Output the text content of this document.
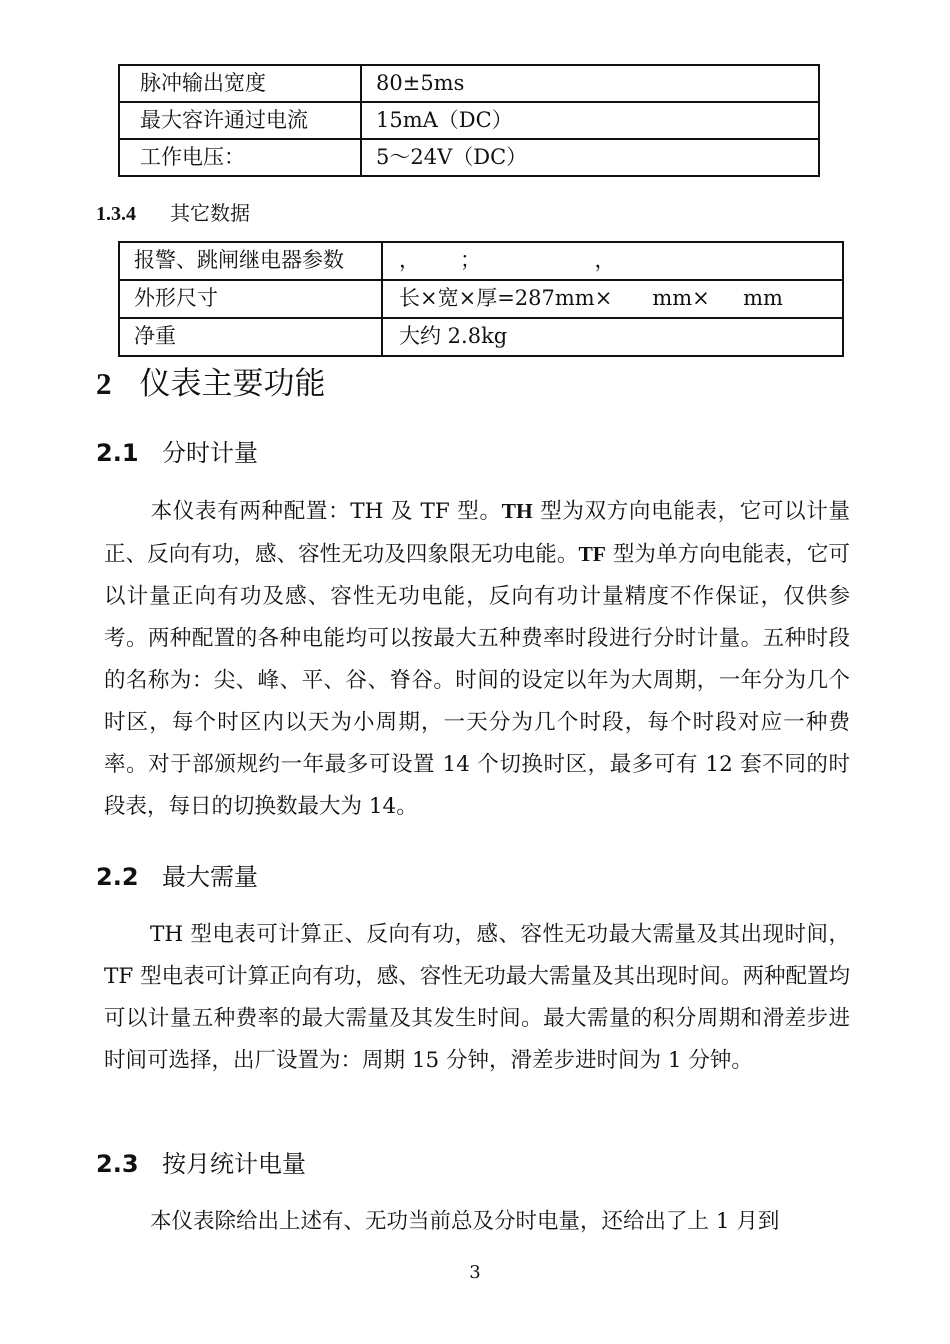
脉冲输出宽度	80±5ms
最大容许通过电流	15mA（DC）
工作电压：	5～24V（DC）
1.3.4 其它数据
报警、跳闸继电器参数	，      ；                 ，
外形尺寸	长×宽×厚=287mm×      mm×     mm
净重	大约 2.8kg
2 仪表主要功能
2.1 分时计量
本仪表有两种配置：TH 及 TF 型。TH 型为双方向电能表，它可以计量正、反向有功，感、容性无功及四象限无功电能。TF 型为单方向电能表，它可以计量正向有功及感、容性无功电能，反向有功计量精度不作保证，仅供参考。两种配置的各种电能均可以按最大五种费率时段进行分时计量。五种时段的名称为：尖、峰、平、谷、脊谷。时间的设定以年为大周期，一年分为几个时区，每个时区内以天为小周期，一天分为几个时段，每个时段对应一种费率。对于部颁规约一年最多可设置 14 个切换时区，最多可有 12 套不同的时段表，每日的切换数最大为 14。
2.2 最大需量
TH 型电表可计算正、反向有功，感、容性无功最大需量及其出现时间，TF 型电表可计算正向有功，感、容性无功最大需量及其出现时间。两种配置均可以计量五种费率的最大需量及其发生时间。最大需量的积分周期和滑差步进时间可选择，出厂设置为：周期 15 分钟，滑差步进时间为 1 分钟。
2.3 按月统计电量
本仪表除给出上述有、无功当前总及分时电量，还给出了上 1 月到
3
